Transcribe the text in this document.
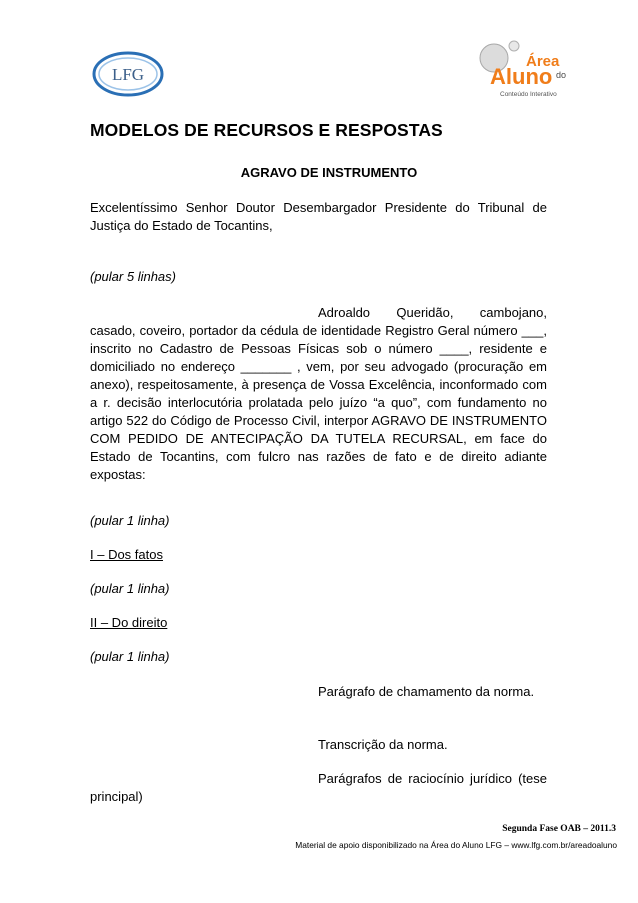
LFG
Área
Aluno do
Conteúdo Interativo
MODELOS DE RECURSOS E RESPOSTAS
AGRAVO DE INSTRUMENTO
Excelentíssimo Senhor Doutor Desembargador Presidente do Tribunal de Justiça do Estado de Tocantins,
(pular 5 linhas)
Adroaldo Queridão, cambojano, casado, coveiro, portador da cédula de identidade Registro Geral número ___, inscrito no Cadastro de Pessoas Físicas sob o número ____, residente e domiciliado no endereço _______ , vem, por seu advogado (procuração em anexo), respeitosamente, à presença de Vossa Excelência, inconformado com a r. decisão interlocutória prolatada pelo juízo “a quo”, com fundamento no artigo 522 do Código de Processo Civil, interpor AGRAVO DE INSTRUMENTO COM PEDIDO DE ANTECIPAÇÃO DA TUTELA RECURSAL, em face do Estado de Tocantins, com fulcro nas razões de fato e de direito adiante expostas:
(pular 1 linha)
I – Dos fatos
(pular 1 linha)
II – Do direito
(pular 1 linha)
Parágrafo de chamamento da norma.
Transcrição da norma.
Parágrafos de raciocínio jurídico (tese principal)
Segunda Fase OAB – 2011.3
Material de apoio disponibilizado na Área do Aluno LFG – www.lfg.com.br/areadoaluno
